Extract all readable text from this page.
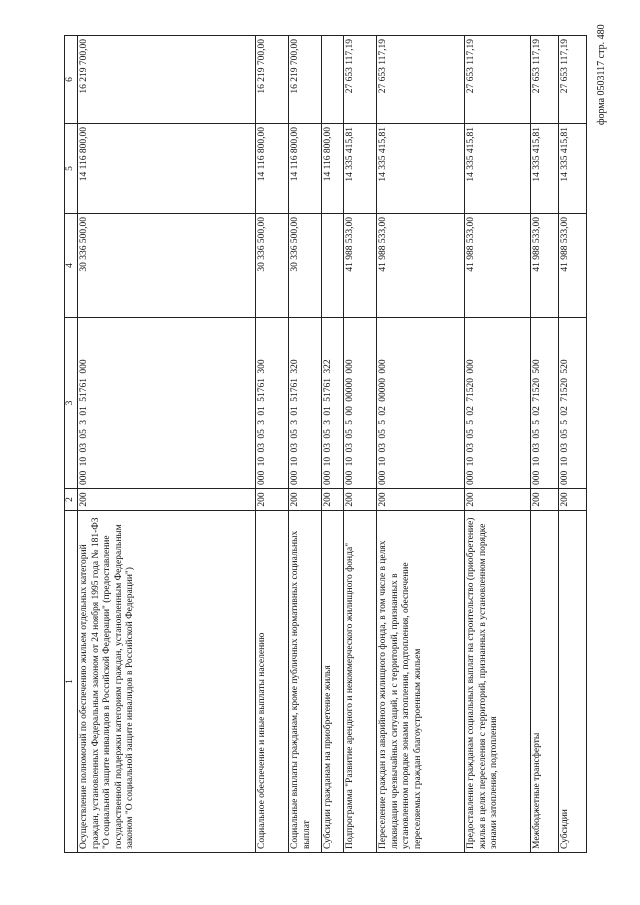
форма 0503117 стр. 480
1	2	3	4	5	6
Осуществление полномочий по обеспечению жильем отдельных категорий граждан, установленных Федеральным законом от 24 ноября 1995 года № 181-ФЗ "О социальной защите инвалидов в Российской Федерации" (предоставление государственной поддержки категориям граждан, установленным Федеральным законом "О социальной защите инвалидов в Российской Федерации")	200	000 10 03 05 3 01 51761 000	30 336 500,00	14 116 800,00	16 219 700,00
Социальное обеспечение и иные выплаты населению	200	000 10 03 05 3 01 51761 300	30 336 500,00	14 116 800,00	16 219 700,00
Социальные выплаты гражданам, кроме публичных нормативных социальных выплат	200	000 10 03 05 3 01 51761 320	30 336 500,00	14 116 800,00	16 219 700,00
Субсидии гражданам на приобретение жилья	200	000 10 03 05 3 01 51761 322		14 116 800,00	
Подпрограмма "Развитие арендного и некоммерческого жилищного фонда"	200	000 10 03 05 5 00 00000 000	41 988 533,00	14 335 415,81	27 653 117,19
Переселение граждан из аварийного жилищного фонда, в том числе в целях ликвидации чрезвычайных ситуаций, и с территорий, признанных в установленном порядке зонами затопления, подтопления, обеспечение переселяемых граждан благоустроенным жильем	200	000 10 03 05 5 02 00000 000	41 988 533,00	14 335 415,81	27 653 117,19
Предоставление гражданам социальных выплат на строительство (приобретение) жилья в целях переселения с территорий, признанных в установленном порядке зонами затопления, подтопления	200	000 10 03 05 5 02 71520 000	41 988 533,00	14 335 415,81	27 653 117,19
Межбюджетные трансферты	200	000 10 03 05 5 02 71520 500	41 988 533,00	14 335 415,81	27 653 117,19
Субсидии	200	000 10 03 05 5 02 71520 520	41 988 533,00	14 335 415,81	27 653 117,19
